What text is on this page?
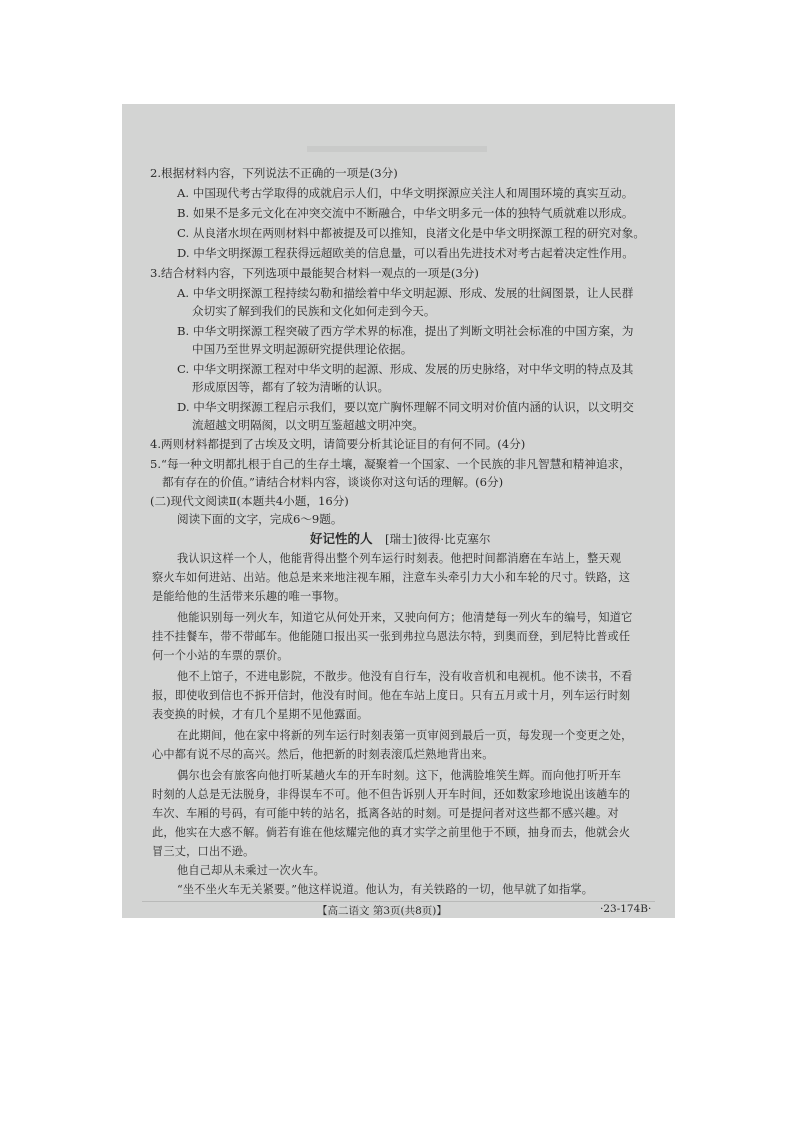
2.根据材料内容，下列说法不正确的一项是(3分)
A. 中国现代考古学取得的成就启示人们，中华文明探源应关注人和周围环境的真实互动。
B. 如果不是多元文化在冲突交流中不断融合，中华文明多元一体的独特气质就难以形成。
C. 从良渚水坝在两则材料中都被提及可以推知，良渚文化是中华文明探源工程的研究对象。
D. 中华文明探源工程获得远超欧美的信息量，可以看出先进技术对考古起着决定性作用。
3.结合材料内容，下列选项中最能契合材料一观点的一项是(3分)
A. 中华文明探源工程持续勾勒和描绘着中华文明起源、形成、发展的壮阔图景，让人民群
众切实了解到我们的民族和文化如何走到今天。
B. 中华文明探源工程突破了西方学术界的标准，提出了判断文明社会标准的中国方案，为
中国乃至世界文明起源研究提供理论依据。
C. 中华文明探源工程对中华文明的起源、形成、发展的历史脉络，对中华文明的特点及其
形成原因等，都有了较为清晰的认识。
D. 中华文明探源工程启示我们，要以宽广胸怀理解不同文明对价值内涵的认识，以文明交
流超越文明隔阂，以文明互鉴超越文明冲突。
4.两则材料都提到了古埃及文明，请简要分析其论证目的有何不同。(4分)
5.“每一种文明都扎根于自己的生存土壤，凝聚着一个国家、一个民族的非凡智慧和精神追求，
都有存在的价值。”请结合材料内容，谈谈你对这句话的理解。(6分)
(二)现代文阅读Ⅱ(本题共4小题，16分)
阅读下面的文字，完成6～9题。
好记性的人 [瑞士]彼得·比克塞尔
我认识这样一个人，他能背得出整个列车运行时刻表。他把时间都消磨在车站上，整天观
察火车如何进站、出站。他总是来来地注视车厢，注意车头牵引力大小和车轮的尺寸。铁路，这
是能给他的生活带来乐趣的唯一事物。
他能识别每一列火车，知道它从何处开来，又驶向何方；他清楚每一列火车的编号，知道它
挂不挂餐车，带不带邮车。他能随口报出买一张到弗拉乌恩法尔特，到奥而登，到尼特比普或任
何一个小站的车票的票价。
他不上馆子，不进电影院，不散步。他没有自行车，没有收音机和电视机。他不读书，不看
报，即使收到信也不拆开信封，他没有时间。他在车站上度日。只有五月或十月，列车运行时刻
表变换的时候，才有几个星期不见他露面。
在此期间，他在家中将新的列车运行时刻表第一页审阅到最后一页，每发现一个变更之处，
心中都有说不尽的高兴。然后，他把新的时刻表滚瓜烂熟地背出来。
偶尔也会有旅客向他打听某趟火车的开车时刻。这下，他满脸堆笑生辉。而向他打听开车
时刻的人总是无法脱身，非得误车不可。他不但告诉别人开车时间，还如数家珍地说出该趟车的
车次、车厢的号码，有可能中转的站名，抵离各站的时刻。可是提问者对这些都不感兴趣。对
此，他实在大惑不解。倘若有谁在他炫耀完他的真才实学之前里他于不顾，抽身而去，他就会火
冒三丈，口出不逊。
他自己却从未乘过一次火车。
“坐不坐火车无关紧要。”他这样说道。他认为，有关铁路的一切，他早就了如指掌。
【高二语文 第3页(共8页)】	·23-174B·
